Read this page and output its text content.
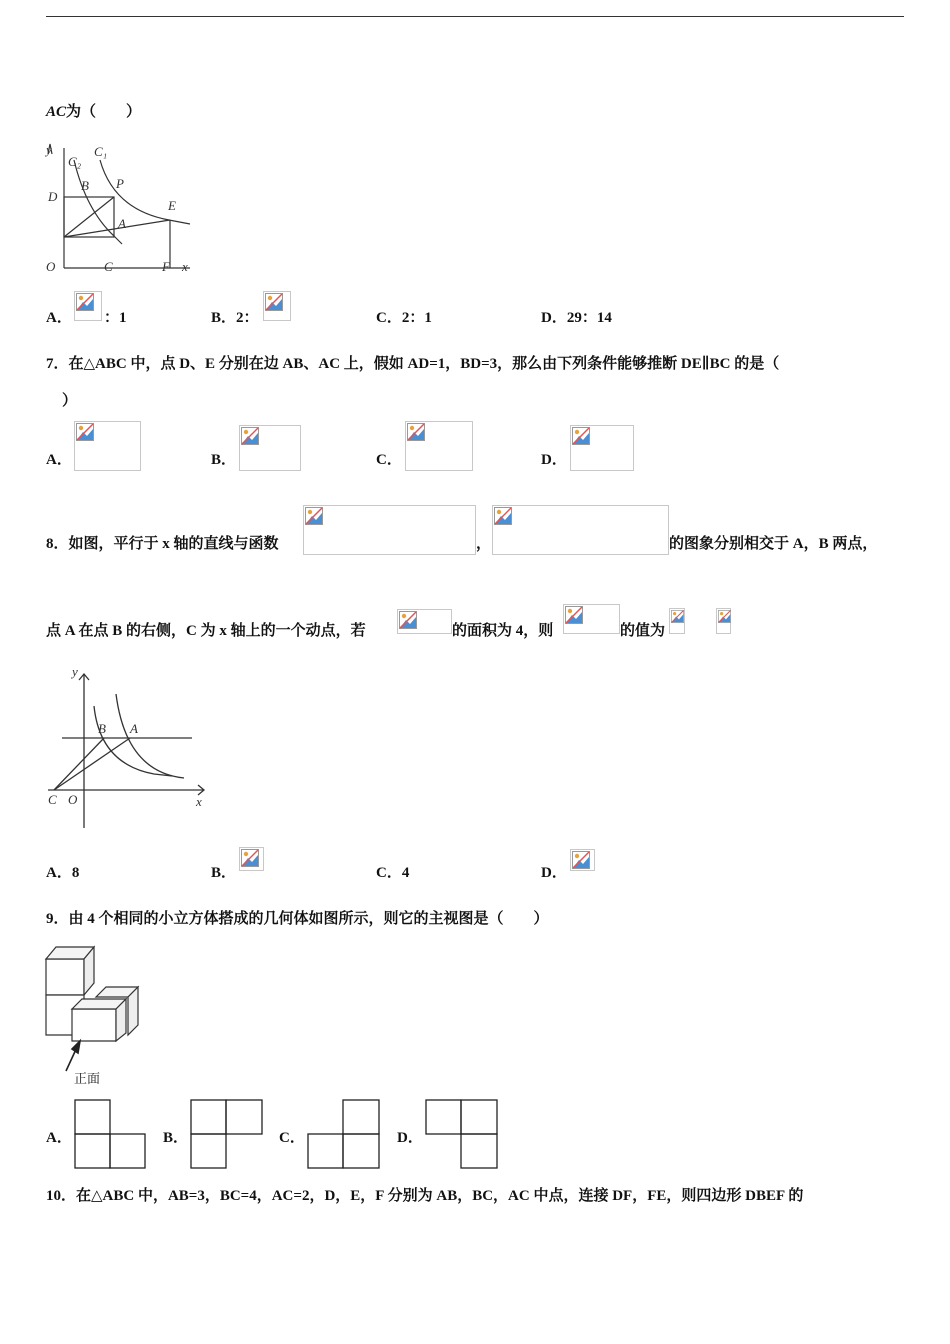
AC为（　　）
y
C₂
C₁
D
B P
E
A
O	C	F x
A． ：1	B．2：	C．2：1	D．29：14
7．在△ABC 中，点 D、E 分别在边 AB、AC 上，假如 AD=1，BD=3，那么由下列条件能够推断 DE∥BC 的是（
）
A．	B．	C．	D．
8．如图，平行于 x 轴的直线与函数	，	的图象分别相交于 A，B 两点，
点 A 在点 B 的右侧，C 为 x 轴上的一个动点，若	的面积为 4，则	的值为
y
B A
C O	x
A．8	B．	C．4	D．
9．由 4 个相同的小立方体搭成的几何体如图所示，则它的主视图是（　　）
正面
A．	B．	C．	D．
10．在△ABC 中，AB=3，BC=4，AC=2，D，E，F 分别为 AB，BC，AC 中点，连接 DF，FE，则四边形 DBEF 的
